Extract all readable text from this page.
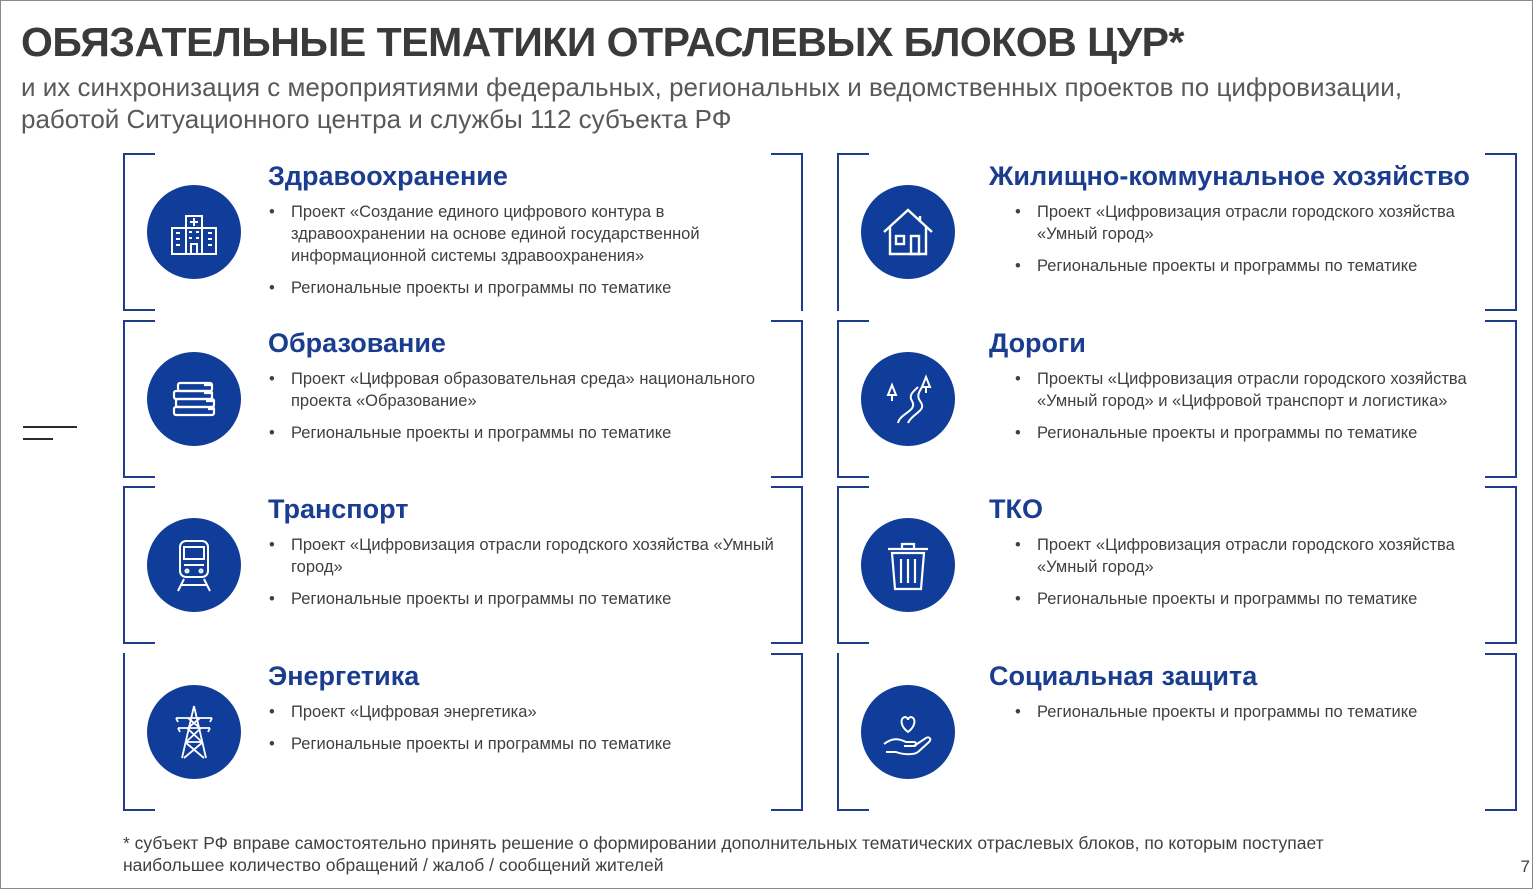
ОБЯЗАТЕЛЬНЫЕ ТЕМАТИКИ ОТРАСЛЕВЫХ БЛОКОВ ЦУР*

и их синхронизация с мероприятиями федеральных, региональных и ведомственных проектов по цифровизации, работой Ситуационного центра и службы 112 субъекта РФ

Здравоохранение
• Проект «Создание единого цифрового контура в здравоохранении на основе единой государственной информационной системы здравоохранения»
• Региональные проекты и программы по тематике
Жилищно-коммунальное хозяйство
• Проект «Цифровизация отрасли городского хозяйства «Умный город»
• Региональные проекты и программы по тематике
Образование
• Проект «Цифровая образовательная среда» национального проекта «Образование»
• Региональные проекты и программы по тематике
Дороги
• Проекты «Цифровизация отрасли городского хозяйства «Умный город» и «Цифровой транспорт и логистика»
• Региональные проекты и программы по тематике
Транспорт
• Проект «Цифровизация отрасли городского хозяйства «Умный город»
• Региональные проекты и программы по тематике
ТКО
• Проект «Цифровизация отрасли городского хозяйства «Умный город»
• Региональные проекты и программы по тематике
Энергетика
• Проект «Цифровая энергетика»
• Региональные проекты и программы по тематике
Социальная защита
• Региональные проекты и программы по тематике

* субъект РФ вправе самостоятельно принять решение о формировании дополнительных тематических отраслевых блоков, по которым поступает наибольшее количество обращений / жалоб / сообщений жителей	7
